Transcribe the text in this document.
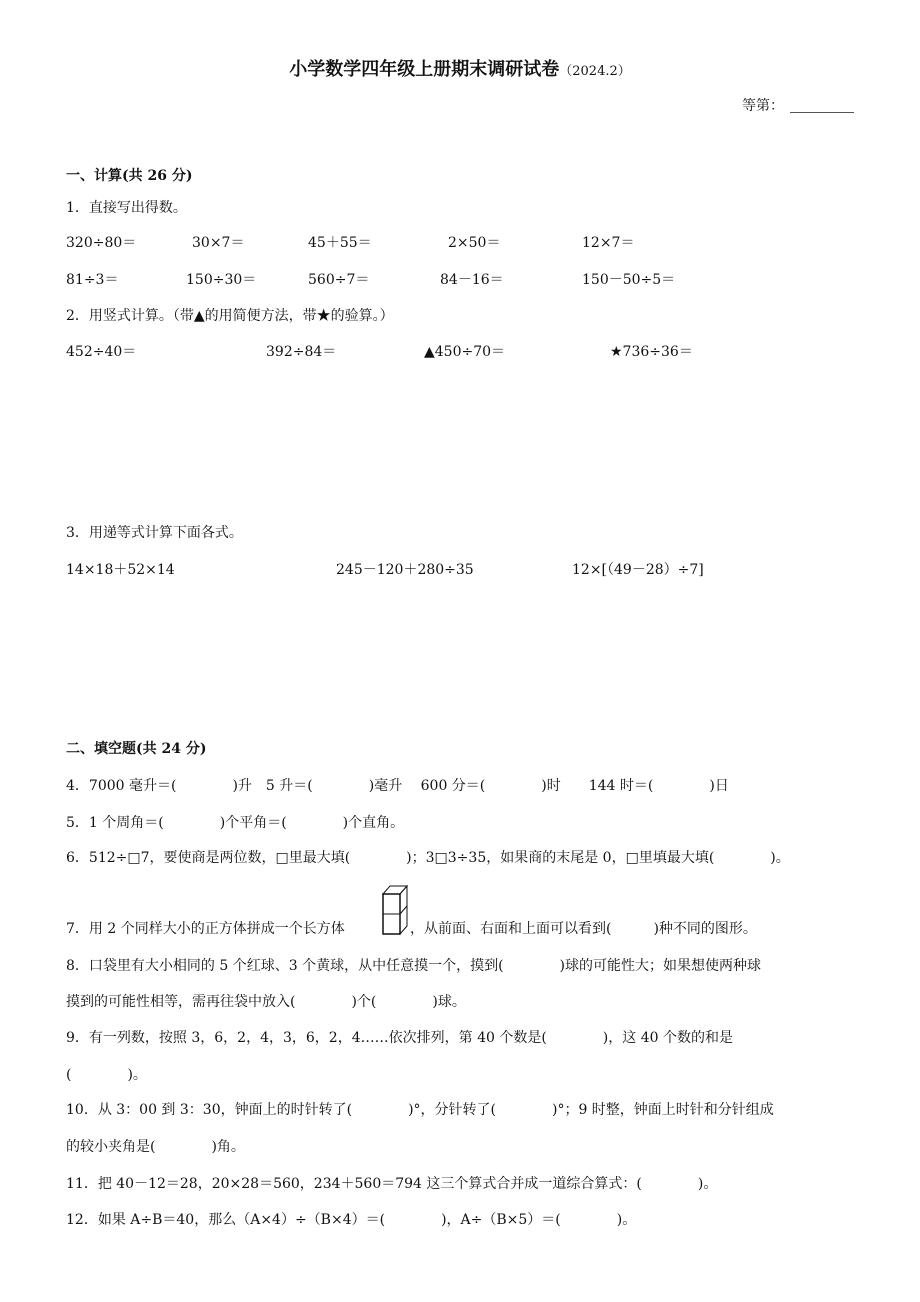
小学数学四年级上册期末调研试卷（2024.2）
等第：
一、计算(共 26 分)
1．直接写出得数。
320÷80＝	30×7＝	45＋55＝	2×50＝	12×7＝
81÷3＝	150÷30＝	560÷7＝	84－16＝	150－50÷5＝
2．用竖式计算。（带▲的用简便方法，带★的验算。）
452÷40＝	392÷84＝	▲450÷70＝	★736÷36＝
3．用递等式计算下面各式。
14×18＋52×14	245－120＋280÷35	12×[（49－28）÷7]
二、填空题(共 24 分)
4．7000 毫升＝(　　　　)升　5 升＝(　　　　)毫升　 600 分＝(　　　　)时　　144 时＝(　　　　)日
5．1 个周角＝(　　　　)个平角＝(　　　　)个直角。
6．512÷□7，要使商是两位数，□里最大填(　　　　)；3□3÷35，如果商的末尾是 0，□里填最大填(　　　　)。
7．用 2 个同样大小的正方体拼成一个长方体	，从前面、右面和上面可以看到(　　　)种不同的图形。
8．口袋里有大小相同的 5 个红球、3 个黄球，从中任意摸一个，摸到(　　　　)球的可能性大；如果想使两种球
摸到的可能性相等，需再往袋中放入(　　　　)个(　　　　)球。
9．有一列数，按照 3，6，2，4，3，6，2，4……依次排列，第 40 个数是(　　　　)，这 40 个数的和是
(　　　　)。
10．从 3：00 到 3：30，钟面上的时针转了(　　　　)°，分针转了(　　　　)°；9 时整，钟面上时针和分针组成
的较小夹角是(　　　　)角。
11．把 40－12＝28，20×28＝560，234＋560＝794 这三个算式合并成一道综合算式：(　　　　)。
12．如果 A÷B＝40，那么（A×4）÷（B×4）＝(　　　　)，A÷（B×5）＝(　　　　)。
